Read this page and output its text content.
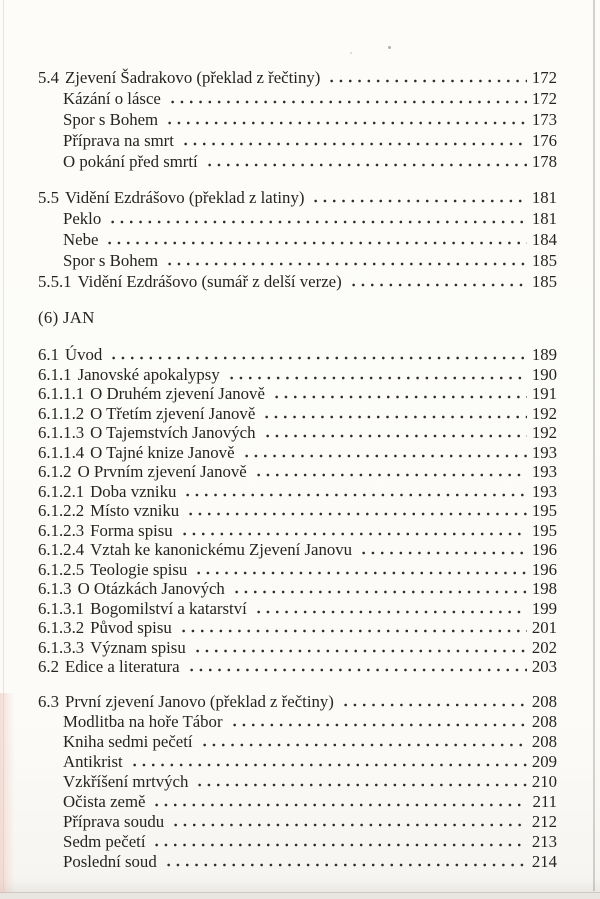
5.4 Zjevení Šadrakovo (překlad z řečtiny)	172
Kázání o lásce	172
Spor s Bohem	173
Příprava na smrt	176
O pokání před smrtí	178
5.5 Vidění Ezdrášovo (překlad z latiny)	181
Peklo	181
Nebe	184
Spor s Bohem	185
5.5.1 Vidění Ezdrášovo (sumář z delší verze)	185
(6) JAN
6.1 Úvod	189
6.1.1 Janovské apokalypsy	190
6.1.1.1 O Druhém zjevení Janově	191
6.1.1.2 O Třetím zjevení Janově	192
6.1.1.3 O Tajemstvích Janových	192
6.1.1.4 O Tajné knize Janově	193
6.1.2 O Prvním zjevení Janově	193
6.1.2.1 Doba vzniku	193
6.1.2.2 Místo vzniku	195
6.1.2.3 Forma spisu	195
6.1.2.4 Vztah ke kanonickému Zjevení Janovu	196
6.1.2.5 Teologie spisu	196
6.1.3 O Otázkách Janových	198
6.1.3.1 Bogomilství a katarství	199
6.1.3.2 Původ spisu	201
6.1.3.3 Význam spisu	202
6.2 Edice a literatura	203
6.3 První zjevení Janovo (překlad z řečtiny)	208
Modlitba na hoře Tábor	208
Kniha sedmi pečetí	208
Antikrist	209
Vzkříšení mrtvých	210
Očista země	211
Příprava soudu	212
Sedm pečetí	213
Poslední soud	214
